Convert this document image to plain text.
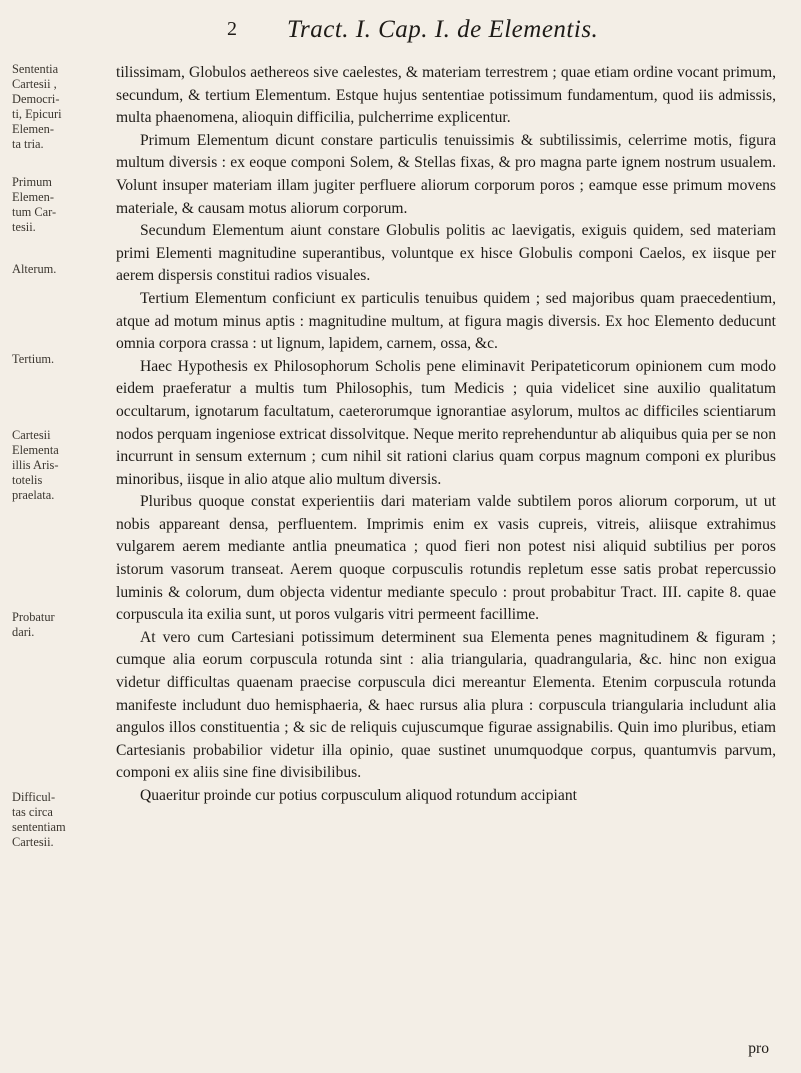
2 Tract. I. Cap. I. de Elementis.
Sententia
Cartesii ,
Democri-
ti, Epicuri
Elemen-
ta tria.
Primum
Elemen-
tum Car-
tesii.
Alterum.
Tertium.
Cartesii
Elementa
illis Aris-
totelis
praelata.
Probatur
dari.
Difficul-
tas circa
sententiam
Cartesii.

tilissimam, Globulos aethereos sive caelestes, & materiam terrestrem ; quae etiam ordine vocant primum, secundum, & tertium Elementum. Estque hujus sententiae potissimum fundamentum, quod iis admissis, multa phaenomena, alioquin difficilia, pulcherrime explicentur.

Primum Elementum dicunt constare particulis tenuissimis & subtilissimis, celerrime motis, figura multum diversis : ex eoque componi Solem, & Stellas fixas, & pro magna parte ignem nostrum usualem. Volunt insuper materiam illam jugiter perfluere aliorum corporum poros ; eamque esse primum movens materiale, & causam motus aliorum corporum.

Secundum Elementum aiunt constare Globulis politis ac laevigatis, exiguis quidem, sed materiam primi Elementi magnitudine superantibus, voluntque ex hisce Globulis componi Caelos, ex iisque per aerem dispersis constitui radios visuales.

Tertium Elementum conficiunt ex particulis tenuibus quidem ; sed majoribus quam praecedentium, atque ad motum minus aptis : magnitudine multum, at figura magis diversis. Ex hoc Elemento deducunt omnia corpora crassa : ut lignum, lapidem, carnem, ossa, &c.

Haec Hypothesis ex Philosophorum Scholis pene eliminavit Peripateticorum opinionem cum modo eidem praeferatur a multis tum Philosophis, tum Medicis ; quia videlicet sine auxilio qualitatum occultarum, ignotarum facultatum, caeterorumque ignorantiae asylorum, multos ac difficiles scientiarum nodos perquam ingeniose extricat dissolvitque. Neque merito reprehenduntur ab aliquibus quia per se non incurrunt in sensum externum ; cum nihil sit rationi clarius quam corpus magnum componi ex pluribus minoribus, iisque in alio atque alio multum diversis.

Pluribus quoque constat experientiis dari materiam valde subtilem poros aliorum corporum, ut ut nobis appareant densa, perfluentem. Imprimis enim ex vasis cupreis, vitreis, aliisque extrahimus vulgarem aerem mediante antlia pneumatica ; quod fieri non potest nisi aliquid subtilius per poros istorum vasorum transeat. Aerem quoque corpusculis rotundis repletum esse satis probat repercussio luminis & colorum, dum objecta videntur mediante speculo : prout probabitur Tract. III. capite 8. quae corpuscula ita exilia sunt, ut poros vulgaris vitri permeent facillime.

At vero cum Cartesiani potissimum determinent sua Elementa penes magnitudinem & figuram ; cumque alia eorum corpuscula rotunda sint : alia triangularia, quadrangularia, &c. hinc non exigua videtur difficultas quaenam praecise corpuscula dici mereantur Elementa. Etenim corpuscula rotunda manifeste includunt duo hemisphaeria, & haec rursus alia plura : corpuscula triangularia includunt alia angulos illos constituentia ; & sic de reliquis cujuscumque figurae assignabilis. Quin imo pluribus, etiam Cartesianis probabilior videtur illa opinio, quae sustinet unumquodque corpus, quantumvis parvum, componi ex aliis sine fine divisibilibus.

Quaeritur proinde cur potius corpusculum aliquod rotundum accipiant

pro
